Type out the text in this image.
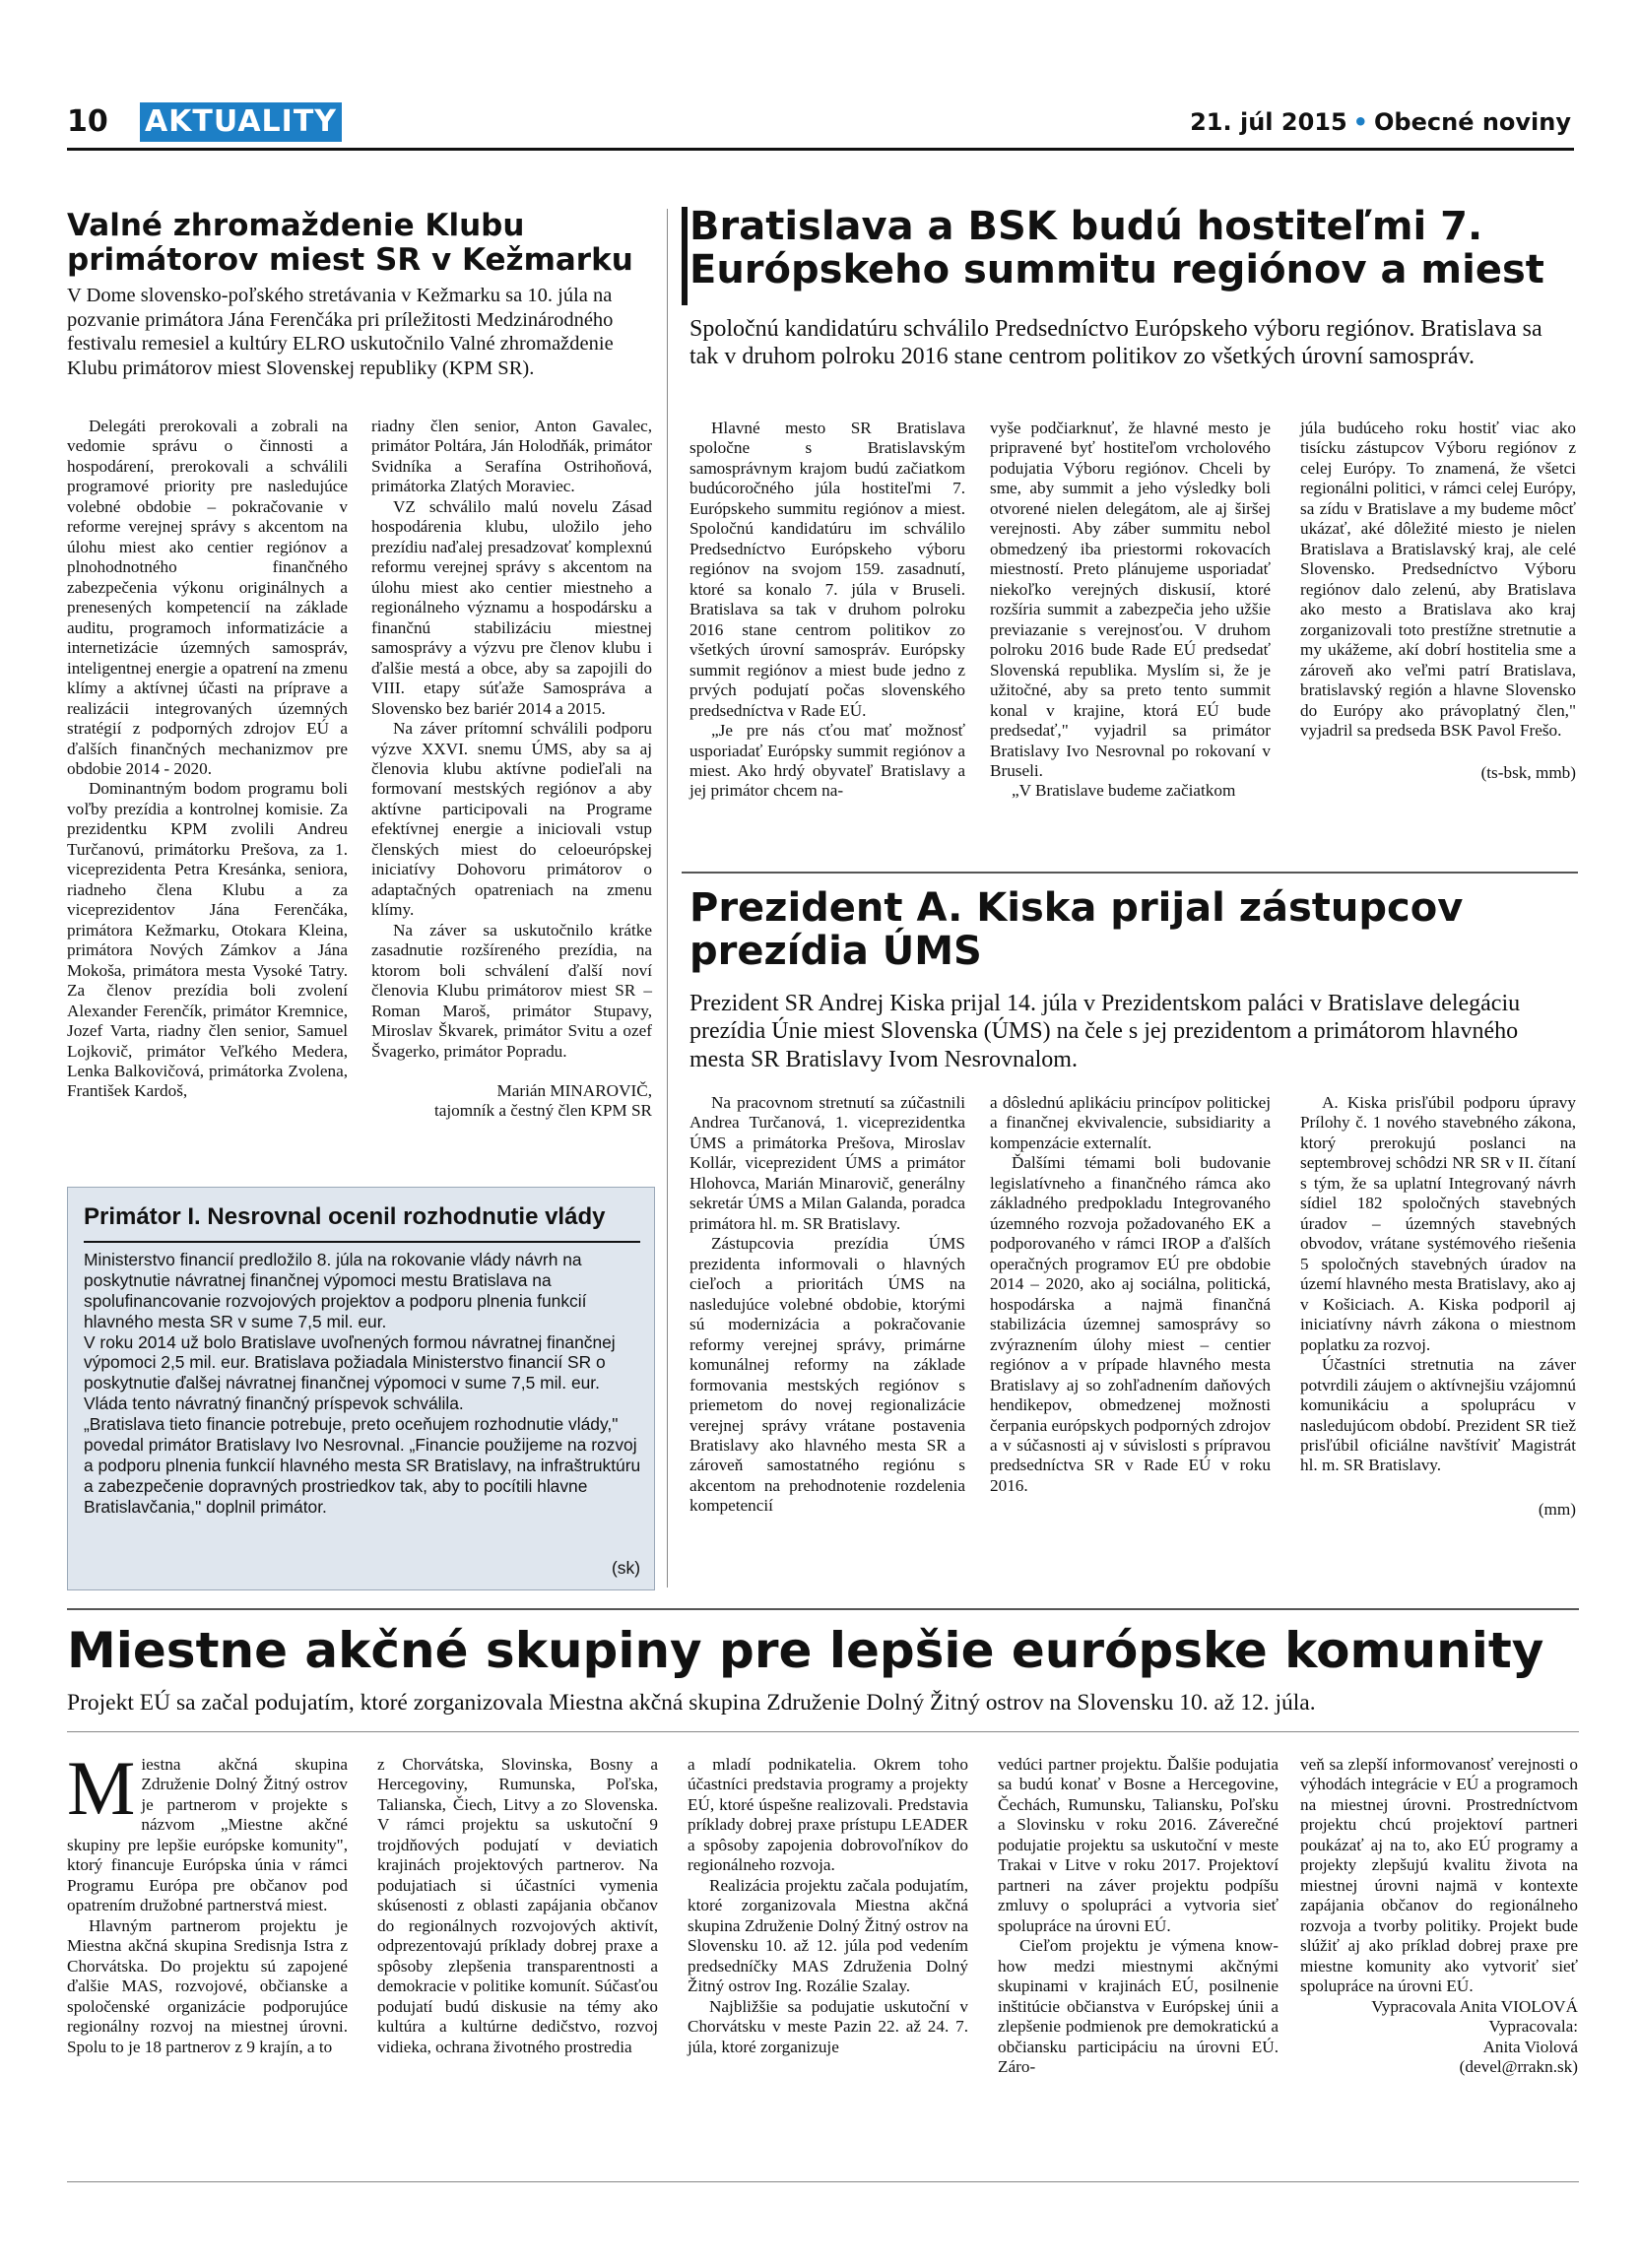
10 AKTUALITY	21. júl 2015 • Obecné noviny
Valné zhromaždenie Klubu primátorov miest SR v Kežmarku
V Dome slovensko-poľského stretávania v Kežmarku sa 10. júla na pozvanie primátora Jána Ferenčáka pri príležitosti Medzinárodného festivalu remesiel a kultúry ELRO uskutočnilo Valné zhromaždenie Klubu primátorov miest Slovenskej republiky (KPM SR).

Delegáti prerokovali a zobrali na vedomie správu o činnosti a hospodárení, prerokovali a schválili programové priority pre nasledujúce volebné obdobie – pokračovanie v reforme verejnej správy s akcentom na úlohu miest ako centier regiónov a plnohodnotného finančného zabezpečenia výkonu originálnych a prenesených kompetencií na základe auditu, programoch informatizácie a internetizácie územných samospráv, inteligentnej energie a opatrení na zmenu klímy a aktívnej účasti na príprave a realizácii integrovaných územných stratégií z podporných zdrojov EÚ a ďalších finančných mechanizmov pre obdobie 2014 - 2020.

Dominantným bodom programu boli voľby prezídia a kontrolnej komisie. Za prezidentku KPM zvolili Andreu Turčanovú, primátorku Prešova, za 1. viceprezidenta Petra Kresánka, seniora, riadneho člena Klubu a za viceprezidentov Jána Ferenčáka, primátora Kežmarku, Otokara Kleina, primátora Nových Zámkov a Jána Mokoša, primátora mesta Vysoké Tatry. Za členov prezídia boli zvolení Alexander Ferenčík, primátor Kremnice, Jozef Varta, riadny člen senior, Samuel Lojkovič, primátor Veľkého Medera, Lenka Balkovičová, primátorka Zvolena, František Kardoš,

riadny člen senior, Anton Gavalec, primátor Poltára, Ján Holodňák, primátor Svidníka a Serafína Ostrihoňová, primátorka Zlatých Moraviec.

VZ schválilo malú novelu Zásad hospodárenia klubu, uložilo jeho prezídiu naďalej presadzovať komplexnú reformu verejnej správy s akcentom na úlohu miest ako centier miestneho a regionálneho významu a hospodársku a finančnú stabilizáciu miestnej samosprávy a výzvu pre členov klubu i ďalšie mestá a obce, aby sa zapojili do VIII. etapy súťaže Samospráva a Slovensko bez bariér 2014 a 2015.

Na záver prítomní schválili podporu výzve XXVI. snemu ÚMS, aby sa aj členovia klubu aktívne podieľali na formovaní mestských regiónov a aby aktívne participovali na Programe efektívnej energie a iniciovali vstup členských miest do celoeurópskej iniciatívy Dohovoru primátorov o adaptačných opatreniach na zmenu klímy.

Na záver sa uskutočnilo krátke zasadnutie rozšíreného prezídia, na ktorom boli schválení ďalší noví členovia Klubu primátorov miest SR – Roman Maroš, primátor Stupavy, Miroslav Škvarek, primátor Svitu a ozef Švagerko, primátor Popradu.

Marián MINAROVIČ,

tajomník a čestný člen KPM SR

Primátor I. Nesrovnal ocenil rozhodnutie vlády

Ministerstvo financií predložilo 8. júla na rokovanie vlády návrh na poskytnutie návratnej finančnej výpomoci mestu Bratislava na spolufinancovanie rozvojových projektov a podporu plnenia funkcií hlavného mesta SR v sume 7,5 mil. eur.

V roku 2014 už bolo Bratislave uvoľnených formou návratnej finančnej výpomoci 2,5 mil. eur. Bratislava požiadala Ministerstvo financií SR o poskytnutie ďalšej návratnej finančnej výpomoci v sume 7,5 mil. eur. Vláda tento návratný finančný príspevok schválila.

„Bratislava tieto financie potrebuje, preto oceňujem rozhodnutie vlády," povedal primátor Bratislavy Ivo Nesrovnal. „Financie použijeme na rozvoj a podporu plnenia funkcií hlavného mesta SR Bratislavy, na infraštruktúru a zabezpečenie dopravných prostriedkov tak, aby to pocítili hlavne Bratislavčania," doplnil primátor.

(sk)
Bratislava a BSK budú hostiteľmi 7. Európskeho summitu regiónov a miest
Spoločnú kandidatúru schválilo Predsedníctvo Európskeho výboru regiónov. Bratislava sa tak v druhom polroku 2016 stane centrom politikov zo všetkých úrovní samospráv.

Hlavné mesto SR Bratislava spoločne s Bratislavským samosprávnym krajom budú začiatkom budúcoročného júla hostiteľmi 7. Európskeho summitu regiónov a miest. Spoločnú kandidatúru im schválilo Predsedníctvo Európskeho výboru regiónov na svojom 159. zasadnutí, ktoré sa konalo 7. júla v Bruseli. Bratislava sa tak v druhom polroku 2016 stane centrom politikov zo všetkých úrovní samospráv. Európsky summit regiónov a miest bude jedno z prvých podujatí počas slovenského predsedníctva v Rade EÚ.

„Je pre nás cťou mať možnosť usporiadať Európsky summit regiónov a miest. Ako hrdý obyvateľ Bratislavy a jej primátor chcem na-

vyše podčiarknuť, že hlavné mesto je pripravené byť hostiteľom vrcholového podujatia Výboru regiónov. Chceli by sme, aby summit a jeho výsledky boli otvorené nielen delegátom, ale aj širšej verejnosti. Aby záber summitu nebol obmedzený iba priestormi rokovacích miestností. Preto plánujeme usporiadať niekoľko verejných diskusií, ktoré rozšíria summit a zabezpečia jeho užšie previazanie s verejnosťou. V druhom polroku 2016 bude Rade EÚ predsedať Slovenská republika. Myslím si, že je užitočné, aby sa preto tento summit konal v krajine, ktorá EÚ bude predsedať," vyjadril sa primátor Bratislavy Ivo Nesrovnal po rokovaní v Bruseli.

„V Bratislave budeme začiatkom

júla budúceho roku hostiť viac ako tisícku zástupcov Výboru regiónov z celej Európy. To znamená, že všetci regionálni politici, v rámci celej Európy, sa zídu v Bratislave a my budeme môcť ukázať, aké dôležité miesto je nielen Bratislava a Bratislavský kraj, ale celé Slovensko. Predsedníctvo Výboru regiónov dalo zelenú, aby Bratislava ako mesto a Bratislava ako kraj zorganizovali toto prestížne stretnutie a my ukážeme, akí dobrí hostitelia sme a zároveň ako veľmi patrí Bratislava, bratislavský región a hlavne Slovensko do Európy ako právoplatný člen," vyjadril sa predseda BSK Pavol Frešo.

(ts-bsk, mmb)

Prezident A. Kiska prijal zástupcov prezídia ÚMS
Prezident SR Andrej Kiska prijal 14. júla v Prezidentskom paláci v Bratislave delegáciu prezídia Únie miest Slovenska (ÚMS) na čele s jej prezidentom a primátorom hlavného mesta SR Bratislavy Ivom Nesrovnalom.

Na pracovnom stretnutí sa zúčastnili Andrea Turčanová, 1. viceprezidentka ÚMS a primátorka Prešova, Miroslav Kollár, viceprezident ÚMS a primátor Hlohovca, Marián Minarovič, generálny sekretár ÚMS a Milan Galanda, poradca primátora hl. m. SR Bratislavy.

Zástupcovia prezídia ÚMS prezidenta informovali o hlavných cieľoch a prioritách ÚMS na nasledujúce volebné obdobie, ktorými sú modernizácia a pokračovanie reformy verejnej správy, primárne komunálnej reformy na základe formovania mestských regiónov s priemetom do novej regionalizácie verejnej správy vrátane postavenia Bratislavy ako hlavného mesta SR a zároveň samostatného regiónu s akcentom na prehodnotenie rozdelenia kompetencií

a dôslednú aplikáciu princípov politickej a finančnej ekvivalencie, subsidiarity a kompenzácie externalít.

Ďalšími témami boli budovanie legislatívneho a finančného rámca ako základného predpokladu Integrovaného územného rozvoja požadovaného EK a podporovaného v rámci IROP a ďalších operačných programov EÚ pre obdobie 2014 – 2020, ako aj sociálna, politická, hospodárska a najmä finančná stabilizácia územnej samosprávy so zvýraznením úlohy miest – centier regiónov a v prípade hlavného mesta Bratislavy aj so zohľadnením daňových hendikepov, obmedzenej možnosti čerpania európskych podporných zdrojov a v súčasnosti aj v súvislosti s prípravou predsedníctva SR v Rade EÚ v roku 2016.

A. Kiska prisľúbil podporu úpravy Prílohy č. 1 nového stavebného zákona, ktorý prerokujú poslanci na septembrovej schôdzi NR SR v II. čítaní s tým, že sa uplatní Integrovaný návrh sídiel 182 spoločných stavebných úradov – územných stavebných obvodov, vrátane systémového riešenia 5 spoločných stavebných úradov na území hlavného mesta Bratislavy, ako aj v Košiciach. A. Kiska podporil aj iniciatívny návrh zákona o miestnom poplatku za rozvoj.

Účastníci stretnutia na záver potvrdili záujem o aktívnejšiu vzájomnú komunikáciu a spoluprácu v nasledujúcom období. Prezident SR tiež prisľúbil oficiálne navštíviť Magistrát hl. m. SR Bratislavy.

(mm)

Miestne akčné skupiny pre lepšie európske komunity
Projekt EÚ sa začal podujatím, ktoré zorganizovala Miestna akčná skupina Združenie Dolný Žitný ostrov na Slovensku 10. až 12. júla.

Miestna akčná skupina Združenie Dolný Žitný ostrov je partnerom v projekte s názvom „Miestne akčné skupiny pre lepšie európske komunity", ktorý financuje Európska únia v rámci Programu Európa pre občanov pod opatrením družobné partnerstvá miest.

Hlavným partnerom projektu je Miestna akčná skupina Sredisnja Istra z Chorvátska. Do projektu sú zapojené ďalšie MAS, rozvojové, občianske a spoločenské organizácie podporujúce regionálny rozvoj na miestnej úrovni. Spolu to je 18 partnerov z 9 krajín, a to

z Chorvátska, Slovinska, Bosny a Hercegoviny, Rumunska, Poľska, Talianska, Čiech, Litvy a zo Slovenska. V rámci projektu sa uskutoční 9 trojdňových podujatí v deviatich krajinách projektových partnerov. Na podujatiach si účastníci vymenia skúsenosti z oblasti zapájania občanov do regionálnych rozvojových aktivít, odprezentovajú príklady dobrej praxe a spôsoby zlepšenia transparentnosti a demokracie v politike komunít. Súčasťou podujatí budú diskusie na témy ako kultúra a kultúrne dedičstvo, rozvoj vidieka, ochrana životného prostredia

a mladí podnikatelia. Okrem toho účastníci predstavia programy a projekty EÚ, ktoré úspešne realizovali. Predstavia príklady dobrej praxe prístupu LEADER a spôsoby zapojenia dobrovoľníkov do regionálneho rozvoja.

Realizácia projektu začala podujatím, ktoré zorganizovala Miestna akčná skupina Združenie Dolný Žitný ostrov na Slovensku 10. až 12. júla pod vedením predsedníčky MAS Združenia Dolný Žitný ostrov Ing. Rozálie Szalay.

Najbližšie sa podujatie uskutoční v Chorvátsku v meste Pazin 22. až 24. 7. júla, ktoré zorganizuje

vedúci partner projektu. Ďalšie podujatia sa budú konať v Bosne a Hercegovine, Čechách, Rumunsku, Taliansku, Poľsku a Slovinsku v roku 2016. Záverečné podujatie projektu sa uskutoční v meste Trakai v Litve v roku 2017. Projektoví partneri na záver projektu podpíšu zmluvy o spolupráci a vytvoria sieť spolupráce na úrovni EÚ.

Cieľom projektu je výmena know-how medzi miestnymi akčnými skupinami v krajinách EÚ, posilnenie inštitúcie občianstva v Európskej únii a zlepšenie podmienok pre demokratickú a občiansku participáciu na úrovni EÚ. Záro-

veň sa zlepší informovanosť verejnosti o výhodách integrácie v EÚ a programoch na miestnej úrovni. Prostredníctvom projektu chcú projektoví partneri poukázať aj na to, ako EÚ programy a projekty zlepšujú kvalitu života na miestnej úrovni najmä v kontexte zapájania občanov do regionálneho rozvoja a tvorby politiky. Projekt bude slúžiť aj ako príklad dobrej praxe pre miestne komunity ako vytvoriť sieť spolupráce na úrovni EÚ.

Vypracovala Anita VIOLOVÁ

Vypracovala:

Anita Violová

(devel@rrakn.sk)
